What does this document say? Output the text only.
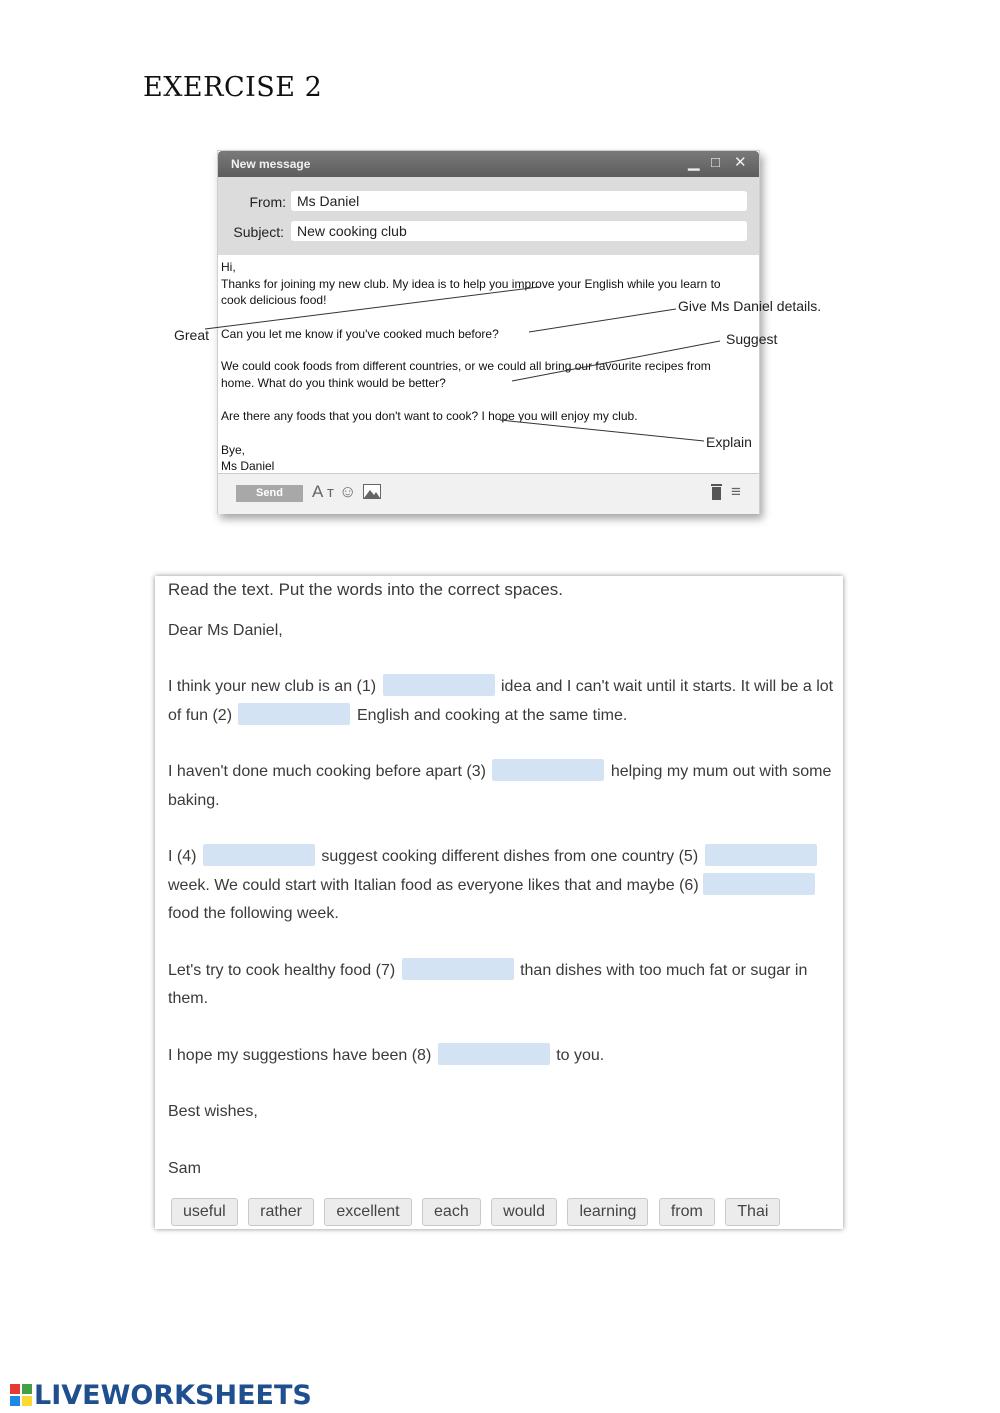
EXERCISE 2
New message	▁ □ ✕
From: Ms Daniel
Subject: New cooking club

Hi,

Thanks for joining my new club. My idea is to help you improve your English while you learn to cook delicious food!

Can you let me know if you've cooked much before?

We could cook foods from different countries, or we could all bring our favourite recipes from home. What do you think would be better?

Are there any foods that you don't want to cook? I hope you will enjoy my club.

Bye,

Ms Daniel

Send	A ᴛ ☺	≡
Great
Give Ms Daniel details.
Suggest
Explain

Read the text. Put the words into the correct spaces.

Dear Ms Daniel,

I think your new club is an (1)	idea and I can't wait until it starts. It will be a lot of fun (2)	English and cooking at the same time.

I haven't done much cooking before apart (3)	helping my mum out with some baking.

I (4)	suggest cooking different dishes from one country (5)  week. We could start with Italian food as everyone likes that and maybe (6)  food the following week.

Let's try to cook healthy food (7)	than dishes with too much fat or sugar in them.

I hope my suggestions have been (8)	to you.

Best wishes,

Sam

useful rather excellent each would learning from Thai
LIVEWORKSHEETS
